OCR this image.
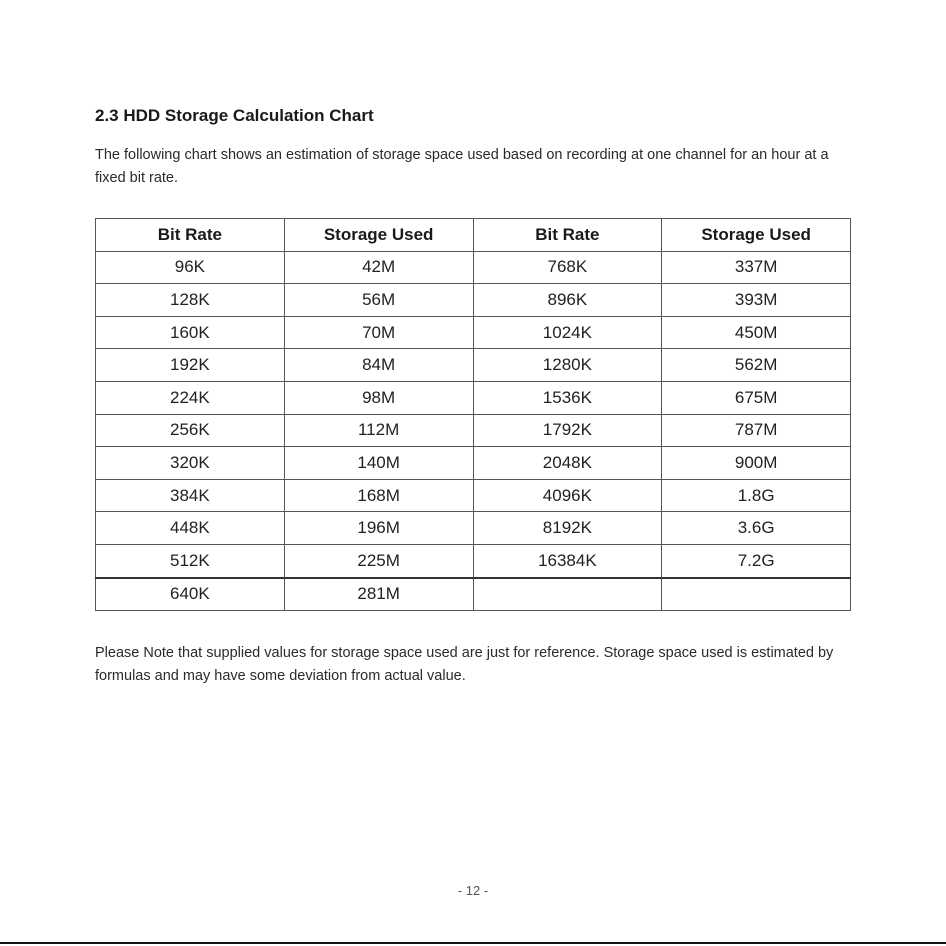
2.3 HDD Storage Calculation Chart

The following chart shows an estimation of storage space used based on recording at one channel for an hour at a fixed bit rate.

Bit Rate	Storage Used	Bit Rate	Storage Used
96K	42M	768K	337M
128K	56M	896K	393M
160K	70M	1024K	450M
192K	84M	1280K	562M
224K	98M	1536K	675M
256K	112M	1792K	787M
320K	140M	2048K	900M
384K	168M	4096K	1.8G
448K	196M	8192K	3.6G
512K	225M	16384K	7.2G
640K	281M		

Please Note that supplied values for storage space used are just for reference. Storage space used is estimated by formulas and may have some deviation from actual value.

- 12 -
